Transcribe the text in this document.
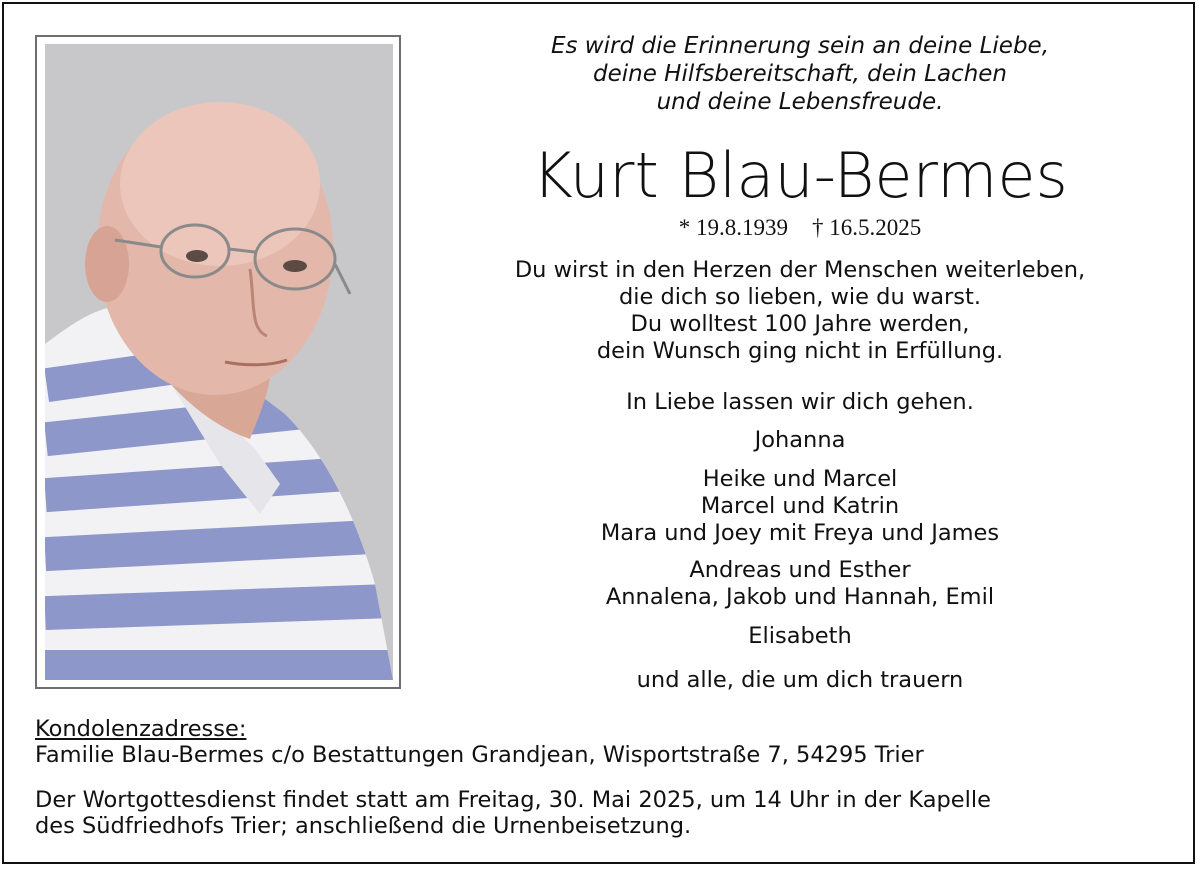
Es wird die Erinnerung sein an deine Liebe,
deine Hilfsbereitschaft, dein Lachen
und deine Lebensfreude.
Kurt Blau-Bermes
* 19.8.1939 † 16.5.2025
Du wirst in den Herzen der Menschen weiterleben,
die dich so lieben, wie du warst.
Du wolltest 100 Jahre werden,
dein Wunsch ging nicht in Erfüllung.
In Liebe lassen wir dich gehen.
Johanna
Heike und Marcel
Marcel und Katrin
Mara und Joey mit Freya und James
Andreas und Esther
Annalena, Jakob und Hannah, Emil
Elisabeth
und alle, die um dich trauern
Kondolenzadresse:
Familie Blau-Bermes c/o Bestattungen Grandjean, Wisportstraße 7, 54295 Trier
Der Wortgottesdienst findet statt am Freitag, 30. Mai 2025, um 14 Uhr in der Kapelle
des Südfriedhofs Trier; anschließend die Urnenbeisetzung.
